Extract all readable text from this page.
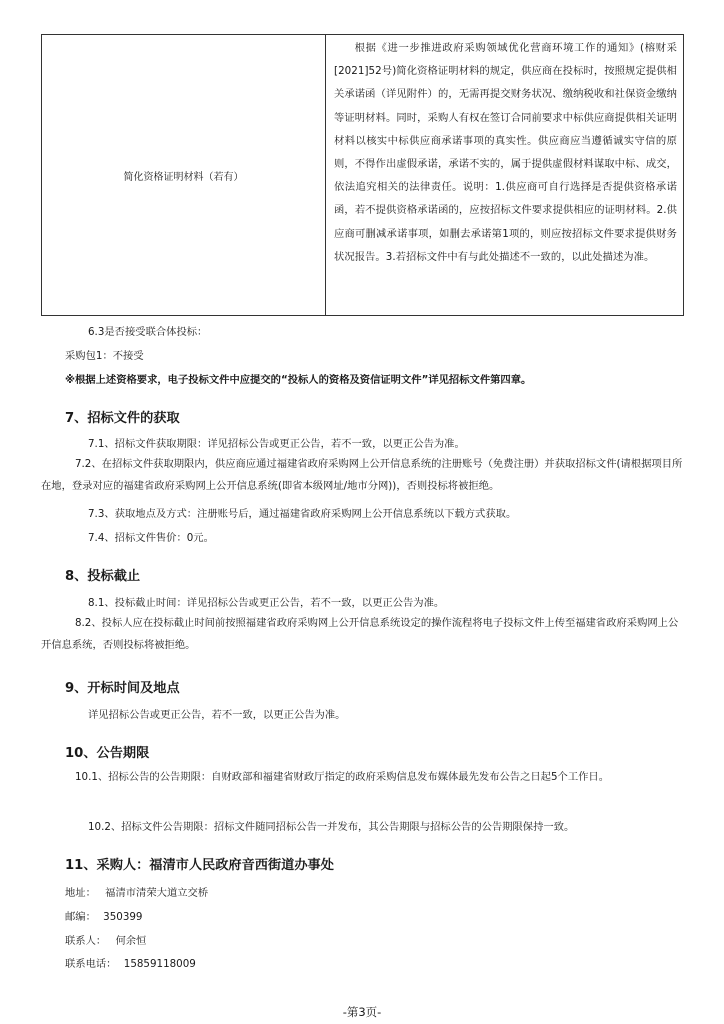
简化资格证明材料（若有）

根据《进一步推进政府采购领域优化营商环境工作的通知》(榕财采[2021]52号)简化资格证明材料的规定，供应商在投标时，按照规定提供相关承诺函（详见附件）的，无需再提交财务状况、缴纳税收和社保资金缴纳等证明材料。同时，采购人有权在签订合同前要求中标供应商提供相关证明材料以核实中标供应商承诺事项的真实性。供应商应当遵循诚实守信的原则，不得作出虚假承诺，承诺不实的，属于提供虚假材料谋取中标、成交，依法追究相关的法律责任。说明：1.供应商可自行选择是否提供资格承诺函，若不提供资格承诺函的，应按招标文件要求提供相应的证明材料。2.供应商可删减承诺事项，如删去承诺第1项的，则应按招标文件要求提供财务状况报告。3.若招标文件中有与此处描述不一致的，以此处描述为准。
6.3是否接受联合体投标：
采购包1：不接受
※根据上述资格要求，电子投标文件中应提交的“投标人的资格及资信证明文件”详见招标文件第四章。
7、招标文件的获取
7.1、招标文件获取期限：详见招标公告或更正公告，若不一致，以更正公告为准。
7.2、在招标文件获取期限内，供应商应通过福建省政府采购网上公开信息系统的注册账号（免费注册）并获取招标文件(请根据项目所在地，登录对应的福建省政府采购网上公开信息系统(即省本级网址/地市分网))，否则投标将被拒绝。
7.3、获取地点及方式：注册账号后，通过福建省政府采购网上公开信息系统以下载方式获取。
7.4、招标文件售价：0元。
8、投标截止
8.1、投标截止时间：详见招标公告或更正公告，若不一致，以更正公告为准。
8.2、投标人应在投标截止时间前按照福建省政府采购网上公开信息系统设定的操作流程将电子投标文件上传至福建省政府采购网上公开信息系统，否则投标将被拒绝。
9、开标时间及地点
详见招标公告或更正公告，若不一致，以更正公告为准。
10、公告期限
10.1、招标公告的公告期限：自财政部和福建省财政厅指定的政府采购信息发布媒体最先发布公告之日起5个工作日。
10.2、招标文件公告期限：招标文件随同招标公告一并发布，其公告期限与招标公告的公告期限保持一致。
11、采购人：福清市人民政府音西街道办事处
地址： 福清市清荣大道立交桥
邮编： 350399
联系人： 何余恒
联系电话： 15859118009
-第3页-
